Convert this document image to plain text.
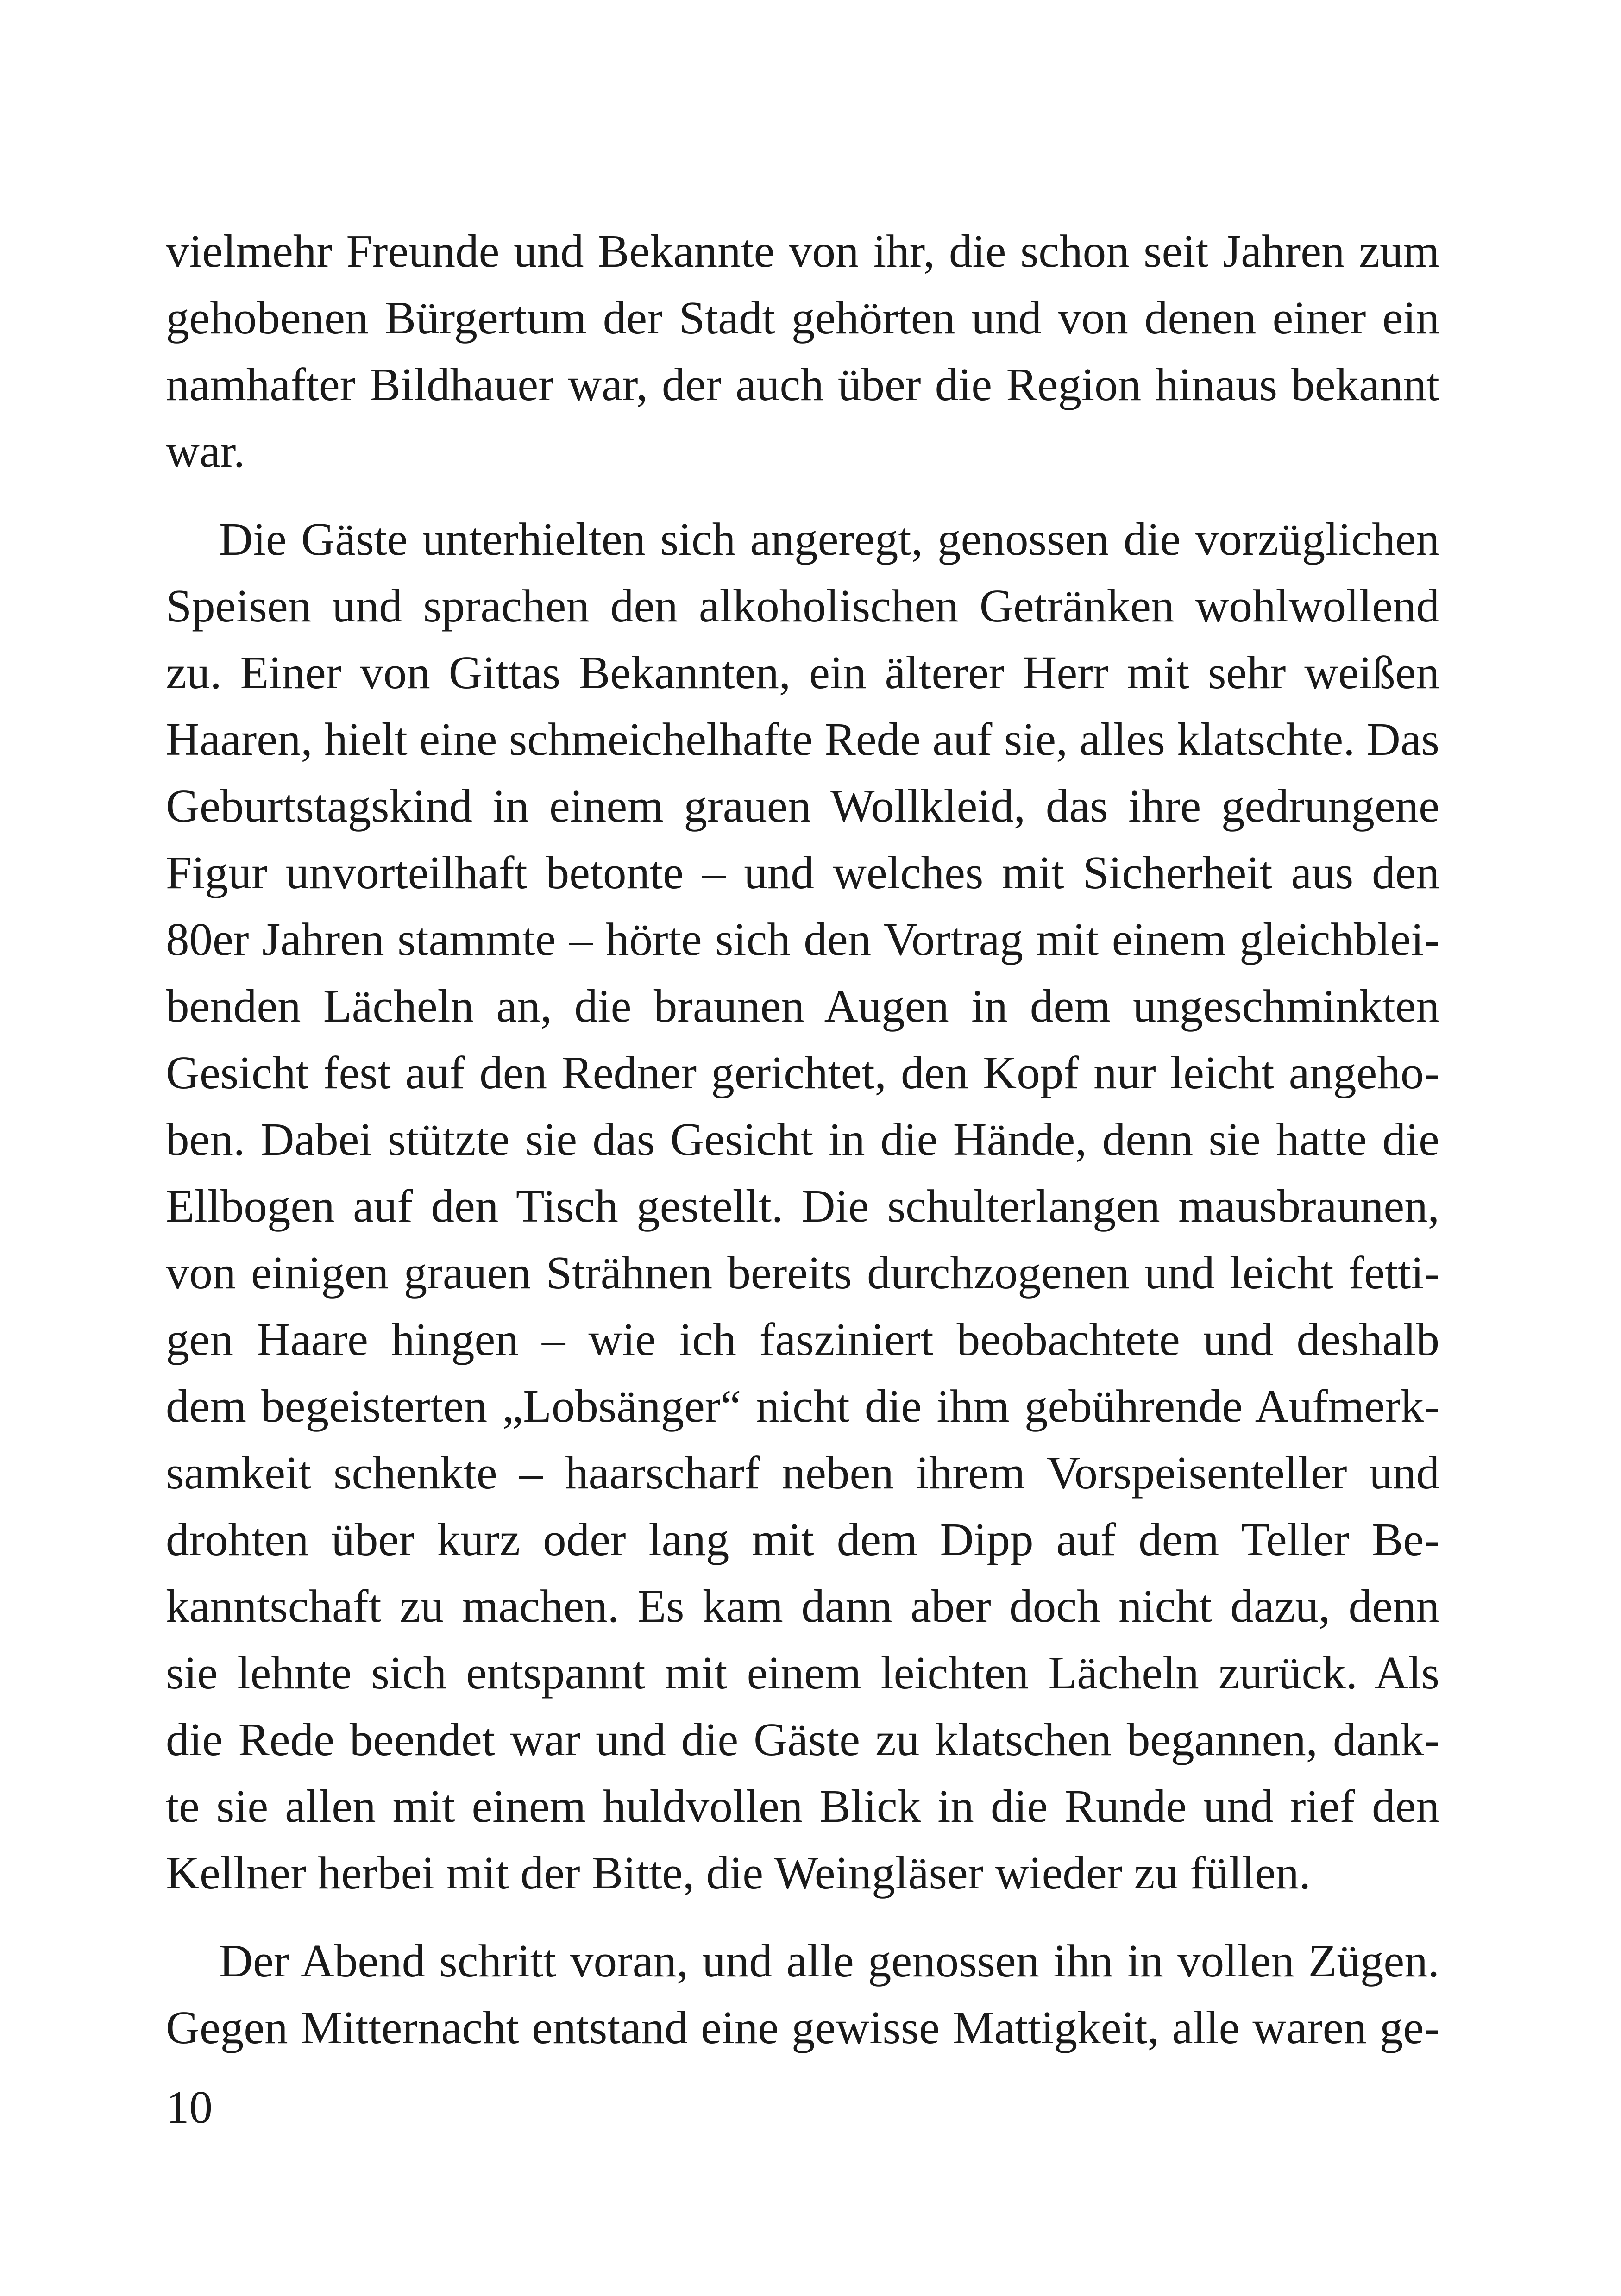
vielmehr Freunde und Bekannte von ihr, die schon seit Jahren zum
gehobenen Bürgertum der Stadt gehörten und von denen einer ein
namhafter Bildhauer war, der auch über die Region hinaus bekannt
war.
Die Gäste unterhielten sich angeregt, genossen die vorzüglichen
Speisen und sprachen den alkoholischen Getränken wohlwollend
zu. Einer von Gittas Bekannten, ein älterer Herr mit sehr weißen
Haaren, hielt eine schmeichelhafte Rede auf sie, alles klatschte. Das
Geburtstagskind in einem grauen Wollkleid, das ihre gedrungene
Figur unvorteilhaft betonte – und welches mit Sicherheit aus den
80er Jahren stammte – hörte sich den Vortrag mit einem gleichblei-
benden Lächeln an, die braunen Augen in dem ungeschminkten
Gesicht fest auf den Redner gerichtet, den Kopf nur leicht angeho-
ben. Dabei stützte sie das Gesicht in die Hände, denn sie hatte die
Ellbogen auf den Tisch gestellt. Die schulterlangen mausbraunen,
von einigen grauen Strähnen bereits durchzogenen und leicht fetti-
gen Haare hingen – wie ich fasziniert beobachtete und deshalb
dem begeisterten „Lobsänger“ nicht die ihm gebührende Aufmerk-
samkeit schenkte – haarscharf neben ihrem Vorspeisenteller und
drohten über kurz oder lang mit dem Dipp auf dem Teller Be-
kanntschaft zu machen. Es kam dann aber doch nicht dazu, denn
sie lehnte sich entspannt mit einem leichten Lächeln zurück. Als
die Rede beendet war und die Gäste zu klatschen begannen, dank-
te sie allen mit einem huldvollen Blick in die Runde und rief den
Kellner herbei mit der Bitte, die Weingläser wieder zu füllen.
Der Abend schritt voran, und alle genossen ihn in vollen Zügen.
Gegen Mitternacht entstand eine gewisse Mattigkeit, alle waren ge-
10
